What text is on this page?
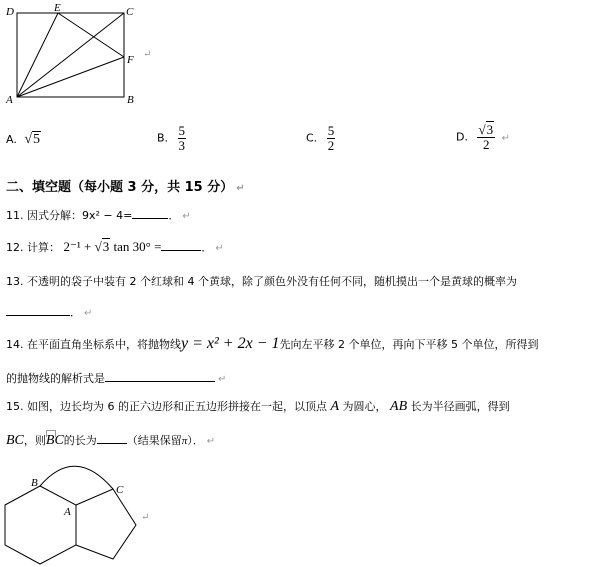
D	E	C
F
A	B
↵
A. √5	B. $\frac{5}{3}$	C. $\frac{5}{2}$	D. $\frac{√3}{2}$ ↵
二、填空题（每小题 3 分，共 15 分） ↵
11. 因式分解：9x² − 4=	． ↵
12. 计算： 2⁻¹ + √3 tan 30° =	． ↵
13. 不透明的袋子中装有 2 个红球和 4 个黄球，除了颜色外没有任何不同，随机摸出一个是黄球的概率为
． ↵
14. 在平面直角坐标系中，将抛物线y = x² + 2x − 1先向左平移 2 个单位，再向下平移 5 个单位，所得到
的抛物线的解析式是	↵
15. 如图，边长均为 6 的正六边形和正五边形拼接在一起，以顶点 A 为圆心， AB 长为半径画弧，得到
BC，则BC的长为	（结果保留π）． ↵
B
A
C
↵
